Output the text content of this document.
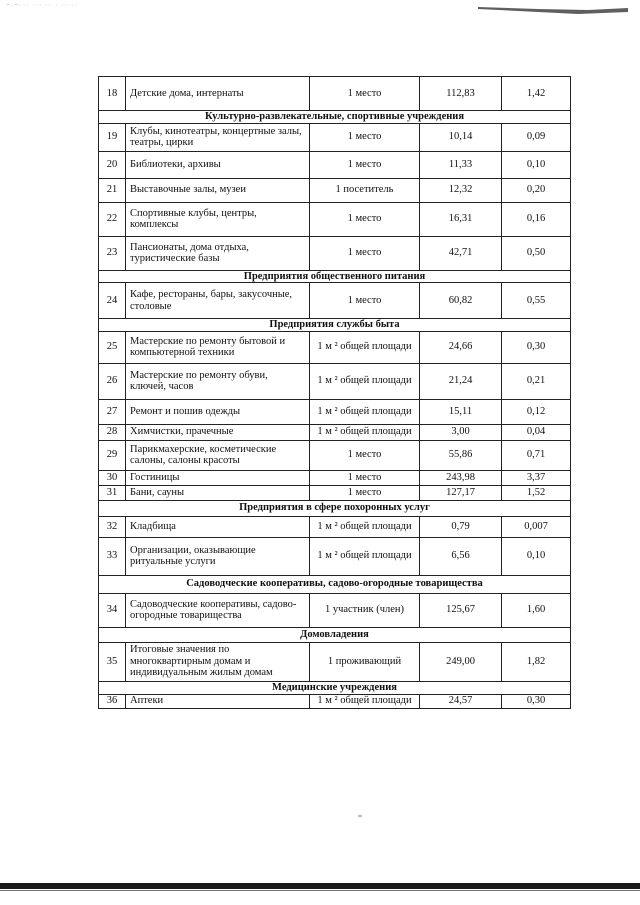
~·~··· ··· ·· · ·····
18	Детские дома, интернаты	1 место	112,83	1,42
Культурно-развлекательные, спортивные учреждения				
19	Клубы, кинотеатры, концертные залы, театры, цирки	1 место	10,14	0,09
20	Библиотеки, архивы	1 место	11,33	0,10
21	Выставочные залы, музеи	1 посетитель	12,32	0,20
22	Спортивные клубы, центры, комплексы	1 место	16,31	0,16
23	Пансионаты, дома отдыха, туристические базы	1 место	42,71	0,50
Предприятия общественного питания				
24	Кафе, рестораны, бары, закусочные, столовые	1 место	60,82	0,55
Предприятия службы быта				
25	Мастерские по ремонту бытовой и компьютерной техники	1 м ² общей площади	24,66	0,30
26	Мастерские по ремонту обуви, ключей, часов	1 м ² общей площади	21,24	0,21
27	Ремонт и пошив одежды	1 м ² общей площади	15,11	0,12
28	Химчистки, прачечные	1 м ² общей площади	3,00	0,04
29	Парикмахерские, косметические салоны, салоны красоты	1 место	55,86	0,71
30	Гостиницы	1 место	243,98	3,37
31	Бани, сауны	1 место	127,17	1,52
Предприятия в сфере похоронных услуг				
32	Кладбища	1 м ² общей площади	0,79	0,007
33	Организации, оказывающие ритуальные услуги	1 м ² общей площади	6,56	0,10
Садоводческие кооперативы, садово-огородные товарищества				
34	Садоводческие кооперативы, садово-огородные товарищества	1 участник (член)	125,67	1,60
Домовладения				
35	Итоговые значения по многоквартирным домам и индивидуальным жилым домам	1 проживающий	249,00	1,82
Медицинские учреждения				
36	Аптеки	1 м ² общей площади	24,57	0,30
